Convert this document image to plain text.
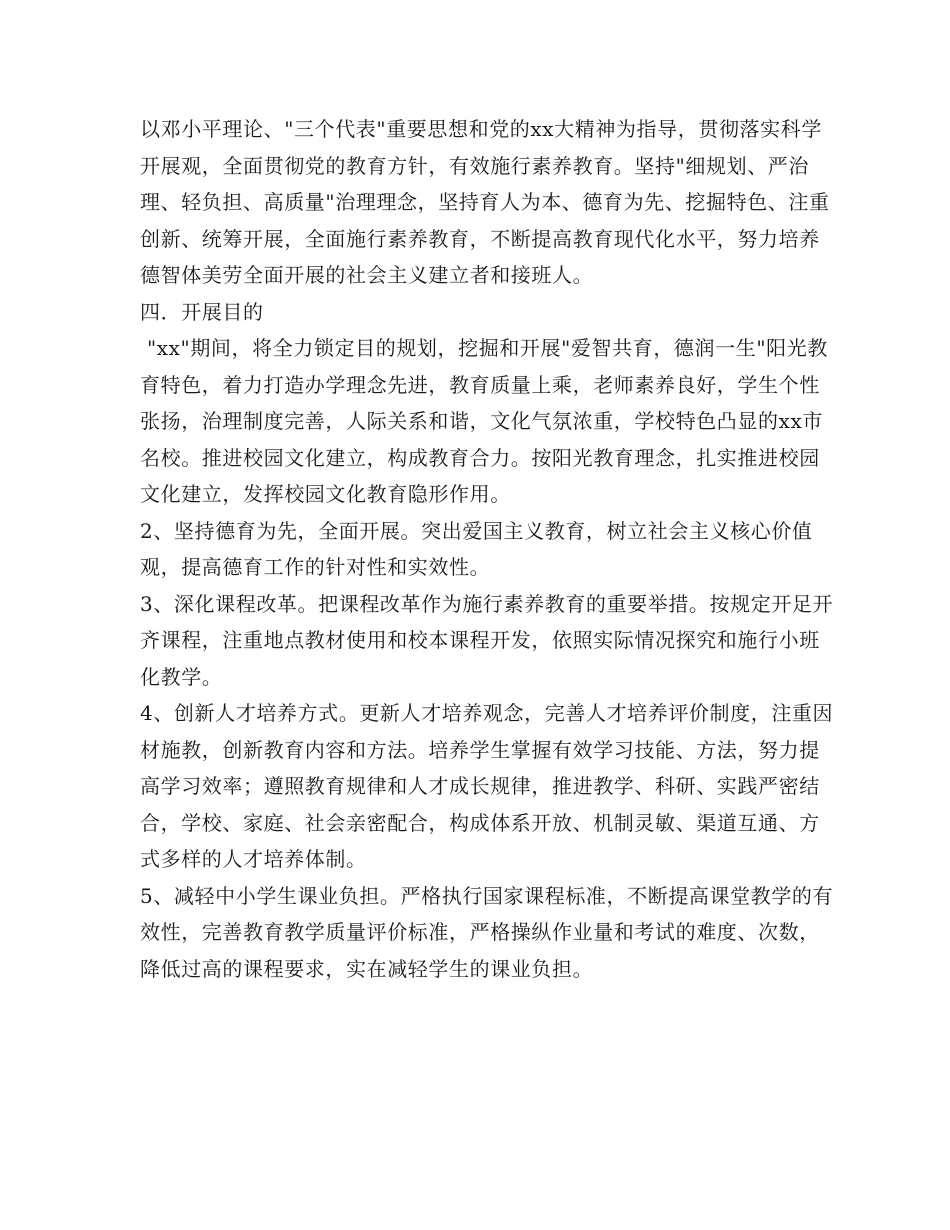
以邓小平理论、"三个代表"重要思想和党的xx大精神为指导，贯彻落实科学开展观，全面贯彻党的教育方针，有效施行素养教育。坚持"细规划、严治理、轻负担、高质量"治理理念，坚持育人为本、德育为先、挖掘特色、注重创新、统筹开展，全面施行素养教育，不断提高教育现代化水平，努力培养德智体美劳全面开展的社会主义建立者和接班人。

四．开展目的

"xx"期间，将全力锁定目的规划，挖掘和开展"爱智共育，德润一生"阳光教育特色，着力打造办学理念先进，教育质量上乘，老师素养良好，学生个性张扬，治理制度完善，人际关系和谐，文化气氛浓重，学校特色凸显的xx市名校。推进校园文化建立，构成教育合力。按阳光教育理念，扎实推进校园文化建立，发挥校园文化教育隐形作用。

2、坚持德育为先，全面开展。突出爱国主义教育，树立社会主义核心价值观，提高德育工作的针对性和实效性。

3、深化课程改革。把课程改革作为施行素养教育的重要举措。按规定开足开齐课程，注重地点教材使用和校本课程开发，依照实际情况探究和施行小班化教学。

4、创新人才培养方式。更新人才培养观念，完善人才培养评价制度，注重因材施教，创新教育内容和方法。培养学生掌握有效学习技能、方法，努力提高学习效率；遵照教育规律和人才成长规律，推进教学、科研、实践严密结合，学校、家庭、社会亲密配合，构成体系开放、机制灵敏、渠道互通、方式多样的人才培养体制。

5、减轻中小学生课业负担。严格执行国家课程标准，不断提高课堂教学的有效性，完善教育教学质量评价标准，严格操纵作业量和考试的难度、次数，降低过高的课程要求，实在减轻学生的课业负担。
